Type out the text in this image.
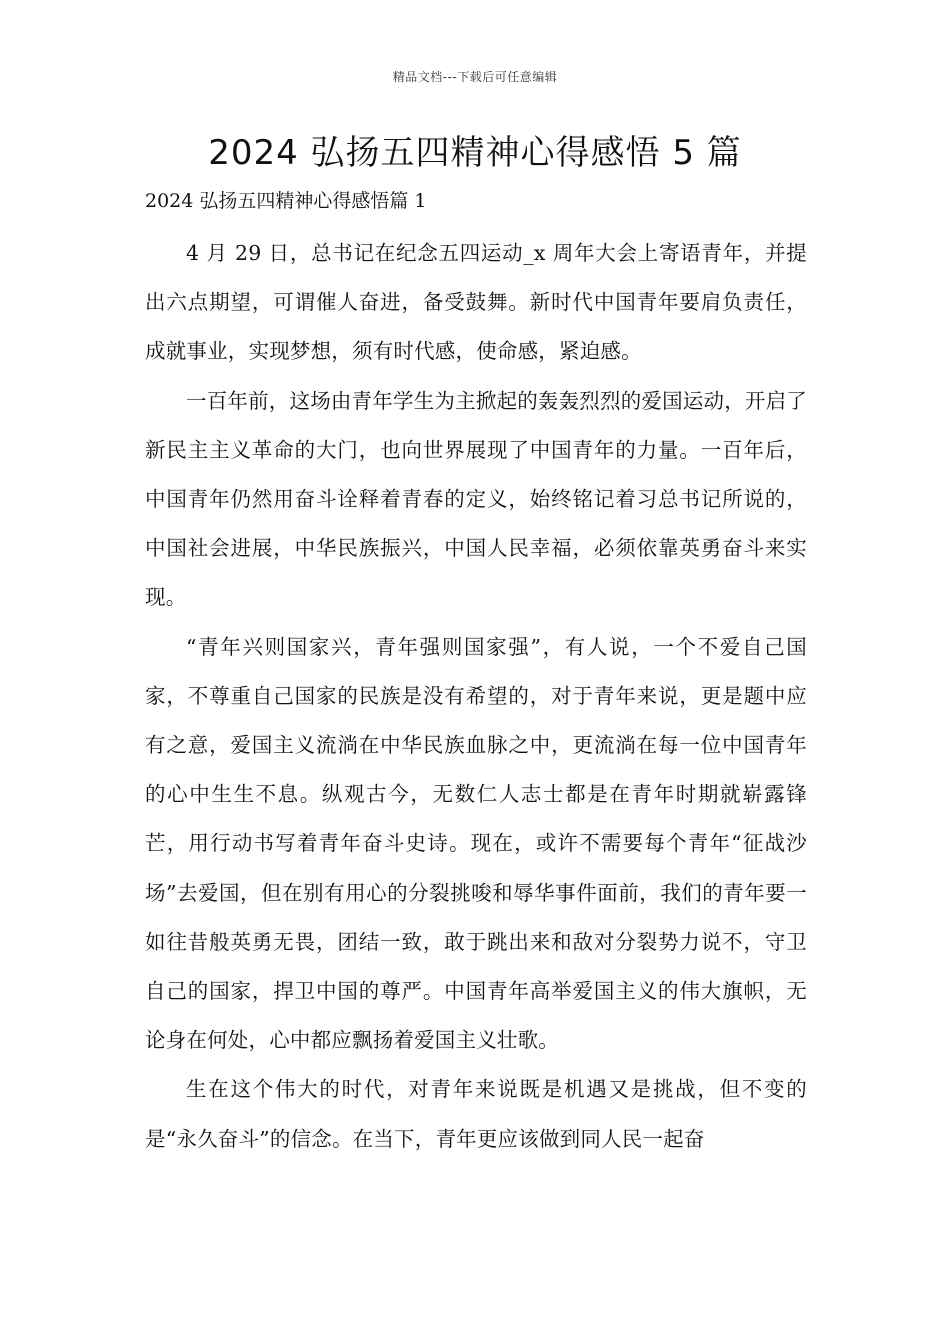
精品文档---下载后可任意编辑
2024 弘扬五四精神心得感悟 5 篇
2024 弘扬五四精神心得感悟篇 1

4 月 29 日，总书记在纪念五四运动_x 周年大会上寄语青年，并提出六点期望，可谓催人奋进，备受鼓舞。新时代中国青年要肩负责任，成就事业，实现梦想，须有时代感，使命感，紧迫感。

一百年前，这场由青年学生为主掀起的轰轰烈烈的爱国运动，开启了新民主主义革命的大门，也向世界展现了中国青年的力量。一百年后，中国青年仍然用奋斗诠释着青春的定义，始终铭记着习总书记所说的，中国社会进展，中华民族振兴，中国人民幸福，必须依靠英勇奋斗来实现。

“青年兴则国家兴，青年强则国家强”，有人说，一个不爱自己国家，不尊重自己国家的民族是没有希望的，对于青年来说，更是题中应有之意，爱国主义流淌在中华民族血脉之中，更流淌在每一位中国青年的心中生生不息。纵观古今，无数仁人志士都是在青年时期就崭露锋芒，用行动书写着青年奋斗史诗。现在，或许不需要每个青年“征战沙场”去爱国，但在别有用心的分裂挑唆和辱华事件面前，我们的青年要一如往昔般英勇无畏，团结一致，敢于跳出来和敌对分裂势力说不，守卫自己的国家，捍卫中国的尊严。中国青年高举爱国主义的伟大旗帜，无论身在何处，心中都应飘扬着爱国主义壮歌。

生在这个伟大的时代，对青年来说既是机遇又是挑战，但不变的是“永久奋斗”的信念。在当下，青年更应该做到同人民一起奋
